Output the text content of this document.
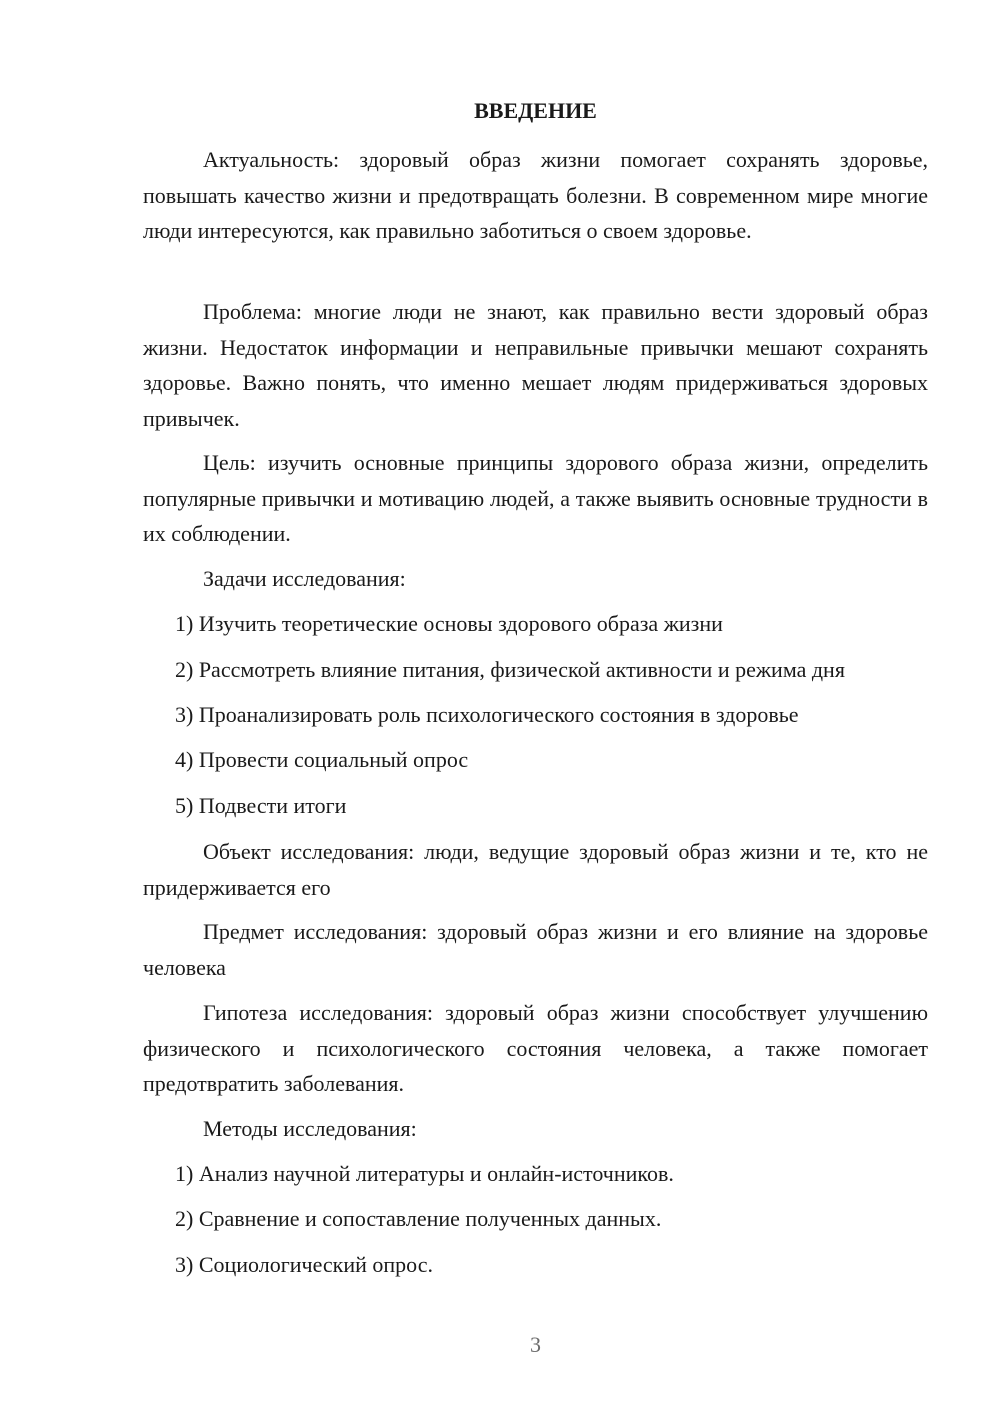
ВВЕДЕНИЕ

Актуальность: здоровый образ жизни помогает сохранять здоровье, повышать качество жизни и предотвращать болезни. В современном мире многие люди интересуются, как правильно заботиться о своем здоровье.

Проблема: многие люди не знают, как правильно вести здоровый образ жизни. Недостаток информации и неправильные привычки мешают сохранять здоровье. Важно понять, что именно мешает людям придерживаться здоровых привычек.

Цель: изучить основные принципы здорового образа жизни, определить популярные привычки и мотивацию людей, а также выявить основные трудности в их соблюдении.

Задачи исследования:

1) Изучить теоретические основы здорового образа жизни

2) Рассмотреть влияние питания, физической активности и режима дня

3) Проанализировать роль психологического состояния в здоровье

4) Провести социальный опрос

5) Подвести итоги

Объект исследования: люди, ведущие здоровый образ жизни и те, кто не придерживается его

Предмет исследования: здоровый образ жизни и его влияние на здоровье человека

Гипотеза исследования: здоровый образ жизни способствует улучшению физического и психологического состояния человека, а также помогает предотвратить заболевания.

Методы исследования:

1) Анализ научной литературы и онлайн-источников.

2) Сравнение и сопоставление полученных данных.

3) Социологический опрос.

3
